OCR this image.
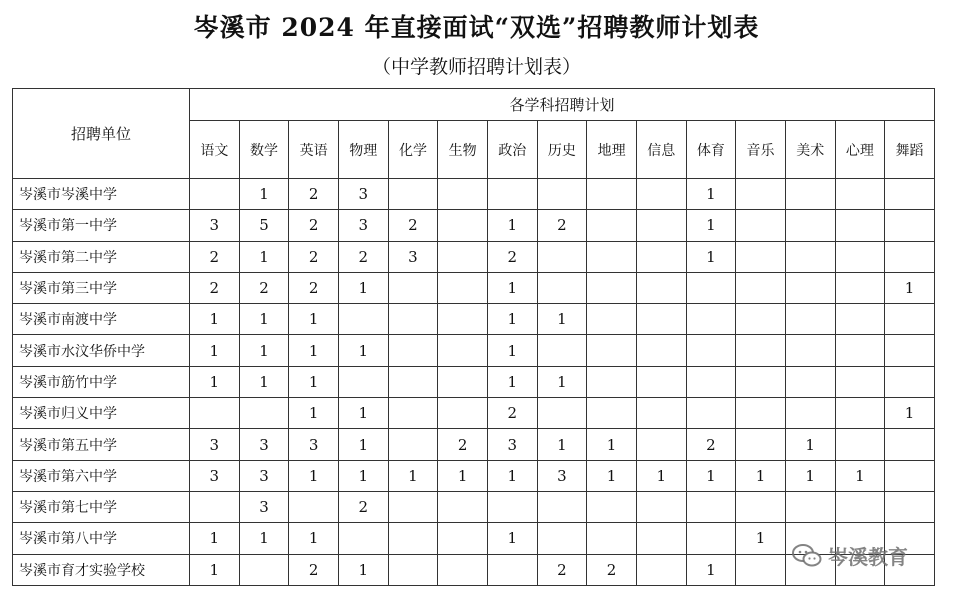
岑溪市 2024 年直接面试“双选”招聘教师计划表
（中学教师招聘计划表）
招聘单位	各学科招聘计划														
	语文	数学	英语	物理	化学	生物	政治	历史	地理	信息	体育	音乐	美术	心理	舞蹈
岑溪市岑溪中学		1	2	3							1				
岑溪市第一中学	3	5	2	3	2		1	2			1				
岑溪市第二中学	2	1	2	2	3		2				1				
岑溪市第三中学	2	2	2	1			1								1
岑溪市南渡中学	1	1	1				1	1							
岑溪市水汶华侨中学	1	1	1	1			1								
岑溪市筋竹中学	1	1	1				1	1							
岑溪市归义中学			1	1			2								1
岑溪市第五中学	3	3	3	1		2	3	1	1		2		1		
岑溪市第六中学	3	3	1	1	1	1	1	3	1	1	1	1	1	1	
岑溪市第七中学		3		2											
岑溪市第八中学	1	1	1				1					1			
岑溪市育才实验学校	1		2	1				2	2		1				
岑溪教育
